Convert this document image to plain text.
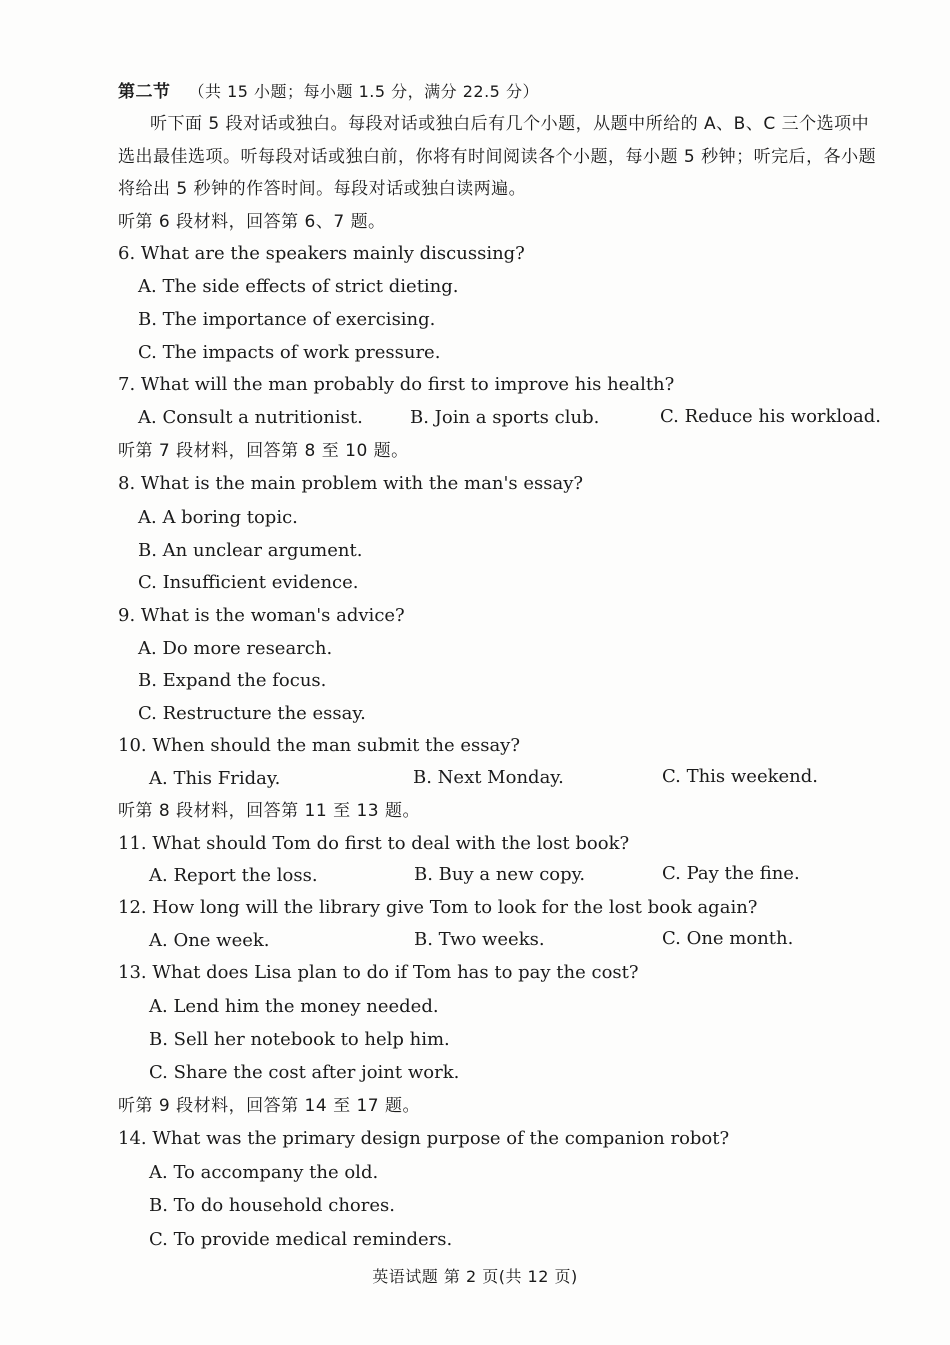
第二节 （共 15 小题；每小题 1.5 分，满分 22.5 分）
听下面 5 段对话或独白。每段对话或独白后有几个小题，从题中所给的 A、B、C 三个选项中
选出最佳选项。听每段对话或独白前，你将有时间阅读各个小题，每小题 5 秒钟；听完后，各小题
将给出 5 秒钟的作答时间。每段对话或独白读两遍。
听第 6 段材料，回答第 6、7 题。
6. What are the speakers mainly discussing?
A. The side effects of strict dieting.
B. The importance of exercising.
C. The impacts of work pressure.
7. What will the man probably do first to improve his health?
A. Consult a nutritionist.	B. Join a sports club.	C. Reduce his workload.
听第 7 段材料，回答第 8 至 10 题。
8. What is the main problem with the man's essay?
A. A boring topic.
B. An unclear argument.
C. Insufficient evidence.
9. What is the woman's advice?
A. Do more research.
B. Expand the focus.
C. Restructure the essay.
10. When should the man submit the essay?
A. This Friday.	B. Next Monday.	C. This weekend.
听第 8 段材料，回答第 11 至 13 题。
11. What should Tom do first to deal with the lost book?
A. Report the loss.	B. Buy a new copy.	C. Pay the fine.
12. How long will the library give Tom to look for the lost book again?
A. One week.	B. Two weeks.	C. One month.
13. What does Lisa plan to do if Tom has to pay the cost?
A. Lend him the money needed.
B. Sell her notebook to help him.
C. Share the cost after joint work.
听第 9 段材料，回答第 14 至 17 题。
14. What was the primary design purpose of the companion robot?
A. To accompany the old.
B. To do household chores.
C. To provide medical reminders.
英语试题 第 2 页(共 12 页)
